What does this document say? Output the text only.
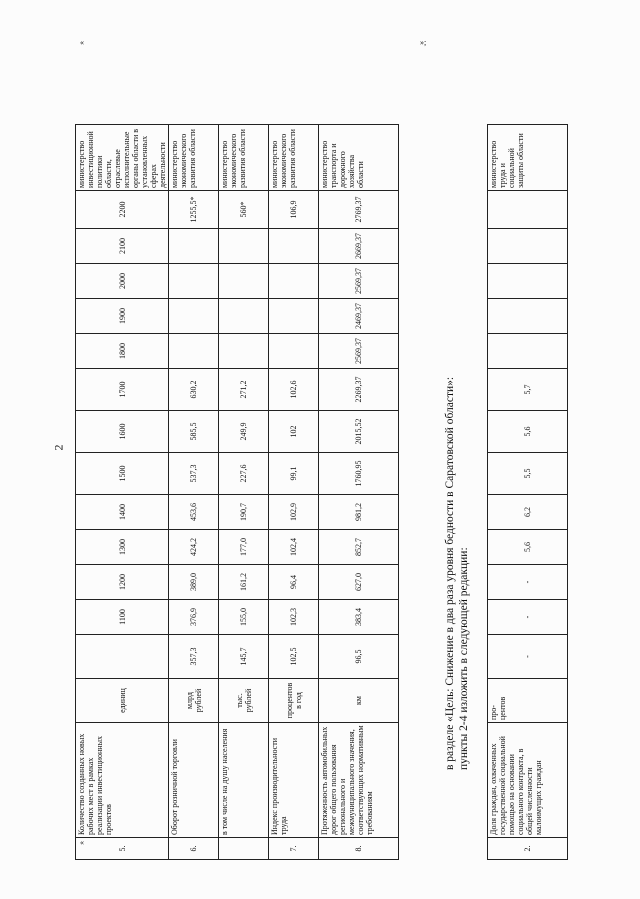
2
5.	Количество созданных новых рабочих мест в рамках реализации инвестиционных проектов	единиц		1100	1200	1300	1400	1500	1600	1700	1800	1900	2000	2100	2200	министерство инвестиционной политики области, отраслевые исполнительные органы области в установленных сферах деятельности
6.	Оборот розничной торговли	млрд рублей	357,3	376,9	389,0	424,2	453,6	537,3	585,5	630,2					1255,5*	министерство экономического развития области
	в том числе на душу населения	тыс. рублей	145,7	155,0	161,2	177,0	190,7	227,6	249,9	271,2					560*	министерство экономического развития области
7.	Индекс производительности труда	процентов в год	102,5	102,3	96,4	102,4	102,9	99,1	102	102,6					106,9	министерство экономического развития области
8.	Протяженность автомобильных дорог общего пользования регионального и межмуниципального значения, соответствующих нормативным требованиям	км	96,5	383,4	627,0	852,7	981,2	1760,95	2015,52	2269,37	2569,37	2469,37	2569,37	2669,37	2769,37	министерство транспорта и дорожного хозяйства области
в разделе «Цель: Снижение в два раза уровня бедности в Саратовской области»: пункты 2-4 изложить в следующей редакции:
2.	Доля граждан, охваченных государственной социальной помощью на основании социального контракта, в общей численности малоимущих граждан	про- центов	-	-	-	5,6	6,2	5,5	5,6	5,7						министерство труда и социальной защиты области
«
«
»;
